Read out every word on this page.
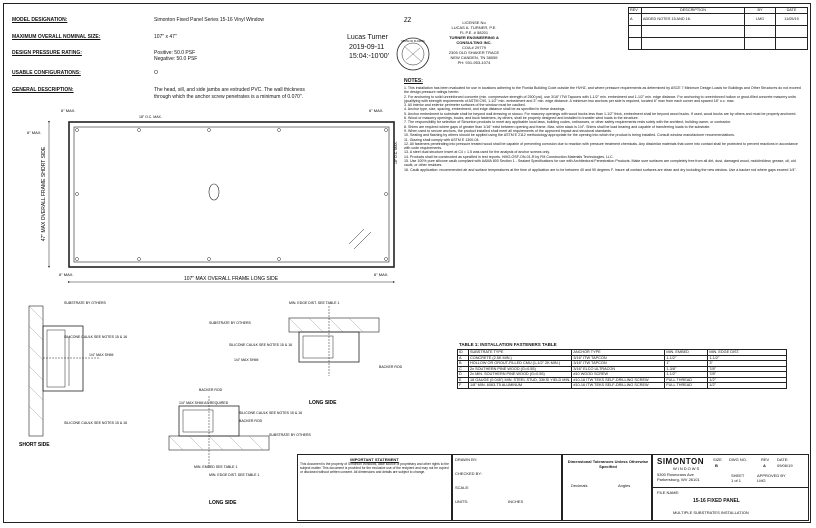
MODEL DESIGNATION:	Simonton Fixed Panel Series 15-16 Vinyl Window
MAXIMUM OVERALL NOMINAL SIZE:	107" x 47"
DESIGN PRESSURE RATING:	Positive: 50.0 PSF
Negative: 50.0 PSF
USABLE CONFIGURATIONS:	O
GENERAL DESCRIPTION:	The head, sill, and side jambs are extruded PVC. The wall thickness
through which the anchor screw penetrates is a minimum of 0.070".
Lucas Turner
2019-09-11
15:04:-10'00'
ZZ
STATE OF FLORIDA
LICENSE No
LUCAS A. TURNER, P.E.
FL P.E. # 58201
TURNER ENGINEERING &
CONSULTING INC.
COA # 29779
2305 OLD SHAKER TRACE
NEW CANDEN, TN 38059
PH: 931-953-1074
REV	DESCRIPTION	BY	DATE
A	ADDED NOTES 15 AND 16.	LMG	11/05/19

107" MAX OVERALL FRAME LONG SIDE
47" MAX OVERALL FRAME SHORT SIDE
6" MAX.
6" MAX.
6" MAX.
6" MAX.	6" MAX.
18" O.C. MAX.
18" O.C. MAX.
SUBSTRATE BY OTHERS
SILICONE CAULK SEE NOTES 15 & 16
1/4" MAX SHIM
SILICONE CAULK SEE NOTES 15 & 16
SHORT SIDE
MIN. EDGE DIST. SEE TABLE 1
SUBSTRATE BY OTHERS
SILICONE CAULK SEE NOTES 15 & 16
1/4" MAX SHIM
BACKER ROD
BACKER ROD
1/4" MAX SHIM AS REQUIRED	LONG SIDE
SILICONE CAULK SEE NOTES 15 & 16
BACKER ROD
SUBSTRATE BY OTHERS
MIN. EMBED SEE TABLE 1
MIN. EDGE DIST. SEE TABLE 1
LONG SIDE
NOTES:

1. This installation has been evaluated for use in locations adhering to the Florida Building Code outside the HVHZ, and where pressure requirements as determined by ASCE 7 Minimum Design Loads for Buildings and Other Structures do not exceed the design pressure ratings herein.

2. For anchoring to solid unreinforced concrete (min. compressive strength of 2500 psi), use 3/16" ITW Tapcons with 1-1/2" min. embedment and 1-1/2" min. edge distance. For anchoring to unreinforced hollow or grout-filled concrete masonry units (qualifying with strength requirements of ASTM C90, 1-1/2" min. embedment and 3" min. edge distance. A minimum two anchors per side is required, located 6" max from each corner and spaced 18" o.c. max.

3. All interior and exterior perimeter surfaces of the window must be caulked.

4. Anchor type, size, spacing, embedment, and edge distance shall be as specified in these drawings.

5. Anchor embedment to substrate shall be beyond wall dressing or stucco. For masonry openings with wood bucks less than 1-1/2" thick, embedment shall be beyond wood bucks. If used, wood bucks are by others and must be properly anchored.

6. Wood or masonry openings, bucks, and buck fasteners, by others, shall be properly designed and installed to transfer wind loads to the structure.

7. The responsibility for selection of Simonton products to meet any applicable local laws, building codes, ordinances, or other safety requirements rests solely with the architect, building owner, or contractor.

8. Shims are required where gaps of greater than 1/16" exist between opening and frame. Max. shim stack is 1/4". Shims shall be load bearing and capable of transferring loads to the substrate.

9. When used to secure anchors, the product installed shall meet all requirements of the approved impact and structural standards.

10. Sealing and flashing by others should be applied using the ASTM E 2112 methodology appropriate for the opening into which the product is being installed. Consult window manufacturer recommendations.

11. Glazing shall comply with ASTM E 1300-04.

12. All fasteners penetrating into pressure treated wood shall be capable of preventing corrosion due to reaction with pressure treatment chemicals. Any dissimilar materials that come into contact shall be protected to prevent reactions in accordance with code requirements.

13. A steel dual structure Insert at C4 = 1.5 was used for the analysis of anchor screws only.

14. Products shall be constructed as specified in test reports. HMO-OSF-ON-01-R by FM Construction Materials Technologies, LLC.

15. Use 100% pure silicone caulk compliant with AAMA 800 Section 1 - Sealant Specifications for use with Architectural Fenestration Products. Make sure surfaces are completely free from all dirt, dust, damaged wood, mold/mildew, grease, oil, old caulk, or other residues.

16. Caulk application: recommended air and surface temperatures at the time of application are to be between 40 and 90 degrees F. Insure all contact surfaces are clean and dry including the new window. Use a backer rod where gaps exceed 1/4".

TABLE 1: INSTALLATION FASTENERS TABLE
ID	SUBSTRATE TYPE	ANCHOR TYPE	MIN. EMBED	MIN. EDGE DIST.
A	CONCRETE (2.5K MIN.)	3/16" ITW TAPCON	1-1/2"	1-1/2"
B	HOLLOW OR GROUT-FILLED CMU (1-1/2" 2K MIN.)	3/16" ITW TAPCON	1"	3"
C	2x SOUTHERN PINE WOOD (G=0.55)	3/16" ELCO ULTRACON	1-3/8"	7/8"
D	2x MIN. SOUTHERN PINE WOOD (G=0.55)	#10 WOOD SCREW	1-1/2"	7/8"
E	18 GAUGE (0.045") MIN. STEEL STUD, 33KSI YIELD MIN.	#10-16 ITW TEKS SELF-DRILLING SCREW	FULL THREAD	1/2"
F	1/8" MIN. 6063-T5 ALUMINUM	#10-16 ITW TEKS SELF-DRILLING SCREW	FULL THREAD	1/2"
IMPORTANT STATEMENT
This document is the property of Simonton Windows, alike source of proprietary and other rights to the subject matter. This document is provided for the exclusive use of the recipient and may not be copied or disclosed without written consent. All dimensions and details are subject to change.
DRAWN BY:
CHECKED BY:
SCALE:
UNITS:	INCHES
Dimensional Tolerances Unless Otherwise Specified
Decimals	Angles
SIMONTON
WINDOWS
5300 Rosecrans Ave
Parkersburg, WV 26101
SIZE
B
DWG NO.	REV
A
DATE:
09/06/19
SHEET
1 of 1
APPROVED BY
LMG
FILE NAME:
15-16 FIXED PANEL
MULTIPLE SUBSTRATES INSTALLATION
